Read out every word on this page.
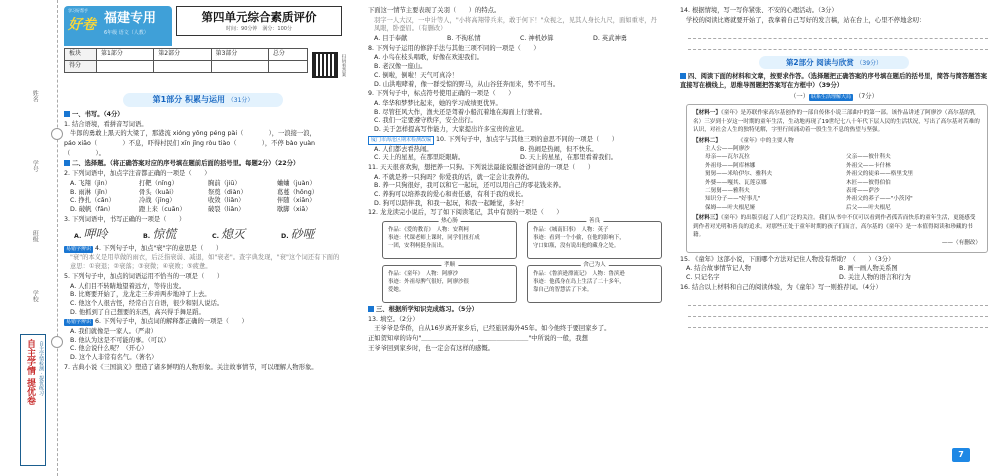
姓名
学号
班级
学校
自主学情 提优卷 自主学情检测 · 提优练习
学习好帮手
好卷 福建专用
6年级 语文（人教）
第四单元综合素质评价
时间：90分钟　满分：100分
板块	第1部分	第2部分	第3部分	总分
得分					扫码看答案
第1部分 积累与运用 （31分）
一、书写。（4分）
1. 结合语境，看拼音写词语。
牛郎的勇敢上黑天的大梁了，那港流 xióng yǒng péng pài（　　　　），一浪接一浪，
páo xiāo（　　　　）不息，吓得村民们 xīn jīng ròu tiào（　　　　），不停 bào yuàn
（　　　　）。
二、选择题。（将正确答案对应的序号填在题前后面的括号里。每题2分）（22分）
2. 下列词语中，加点字注音都正确的一项是（　　）
A. 飞翔（jìn）	打靶（nǐng）	胸前（jiū）	蛐蛐（juàn）
B. 雨淋（jǐn）	骨头（kuǎi）	祭奠（diàn）	葛蔓（hōng）
C. 挣扎（cǎn）	冷战（jīng）	收敛（liǎn）	伴随（xiān）
D. 破帆（fān）	蹬上来（cuān）	破裂（liǎn）	歇脚（xiā）
3. 下列词语中，书写正确的一项是（　　）
A. 呷呤	B. 惊慌	C. 熄灭	D. 砂哑
易错字辨识 4. 下列句子中，加点"衰"字的意思是（　　）
"衰"的本义是用草做的雨衣，后泛指衰弱、减退，如"衰老"。查字典发现，"衰"这个词还有下面的意思：①衰退；②衰落；③衰微；④衰败；⑤疲惫。
5. 下列句子中，加点的词语运用不恰当的一项是（　　）
A. 人们目不转睛地望着远方，等待出发。
B. 比赛要开始了，龙龙走三步并两步地冲了上去。
C. 他这个人很古怪，经常自言自语，很少和别人说话。
D. 他抓到了自己想要的东西，高兴得手舞足蹈。
易错字辨识 6. 下列句子中，加点词的解释都正确的一项是（　　）
A. 我们就像是一家人。（严肃）
B. 他认为这是不可能的事。（可以）
C. 他会说什么呢？（开心）
D. 这个人非常有名气。（著名）
7. 古典小说《三国演义》塑造了诸多鲜明的人物形象。关注故事情节，可以理解人物形象。
下面这一情节主要表现了关羽（　　）的特点。
羽字一人大汉，一中计等人，"小将高翔带兵来，敢于何下！"众视之，见其人身长九尺，面如重枣，丹凤眼，卧蚕眉。（有删改）
A. 目于奉献	B. 不拘私情	C. 神机妙算	D. 英武神勇
8. 下列句子运用的修辞手法与其他三项不同的一项是（　　）
A. 小鸟在枝头唱歌，好像在欢迎我们。
B. 老汉像一座山。
C. 倒啦，倒啦！天气可真冷！
D. 山洪咆哮着，像一群受惊的野马，从山谷狂奔而来，势不可当。
9. 下列句子中，标点符号使用正确的一项是（　　）
A. 华华和梦梦比起来，她的学习成绩更优异。
B. 尽管狂风大作，渔夫还是驾着小船沉着地在海面上行驶着。
C. 我们一定要遵守秩序，安全出行。
D. 关于怎样提高写作能力，大家提出许多宝贵的意见。
厦门市海沧区期末检测改编 10. 下列句子中，加点字与其他三项的意思不同的一项是（　　）
A. 人们都去看热闹。	B. 热闹是热闹，但不快乐。
C. 天上的星星，在那里眨眼睛。	D. 天上的星星，在那里看着我们。
11. 天天很喜欢狗，想把养一只狗。下列说法最能说服爸爸同意的一项是（　　）
A. 不就是养一只狗吗？你爱我的话，就一定会让我养的。
B. 养一只狗很好，我可以和它一起玩，还可以用自己的零花钱来养。
C. 养狗可以培养我的爱心和责任感，有利于我的成长。
D. 狗可以陪伴我，和我一起玩，和我一起睡觉，多好！
12. 龙龙读完小说后，写了如下阅读笔记，其中有误的一项是（　　）
热心肠
作品：《爱的教育》　人物：安利柯
事迹：代课老师上课时，同学们扭打成
一团，安利柯挺身而出。
善良
作品：《城南旧事》　人物：英子
事迹：看到一个小偷，在他的影响下，
守口如瓶，没有说出他的藏身之处。
孝顺
作品：《童年》　人物：阿廖沙
事迹：外祖母脾气很好，阿廖沙很
爱她。
舍己为人
作品：《鲁滨逊漂流记》　人物：鲁滨逊
事迹：他孤身在岛上生活了二十多年，
靠自己的智慧活了下来。
三、根据所学知识完成练习。（5分）
13. 填空。（2分）
王爷爷是华侨，自从16岁离开家乡后，已经旅居海外45年。如今他终于要回家乡了。
正如贺知章的诗句"＿＿＿＿＿＿＿＿，＿＿＿＿＿＿＿＿"中所说的一般，我想
王爷爷回到家乡时，也一定会有这样的感慨。
14. 根据情境，写一写你紧张、不安的心理活动。（3分）
学校的阅读比赛就要开始了，我拿着自己写好的发言稿，站在台上，心里不停地念叨：
第2部分 阅读与欣赏 （39分）
四、阅读下面的材料和文章，按要求作答。（选择题把正确答案的序号填在题后的括号里，简答与简答题答案直接写在横线上，思维导图题把答案写在方框中）（39分）
（一） 联系生活理解大局 （7分）
【材料一】《童年》是苏联作家高尔基创作的一部自传体小说三部曲中的第一部。该作品讲述了阿廖沙（高尔基的乳名）三岁到十岁这一时期的童年生活，生动地再现了19世纪七八十年代下层人民的生活状况，写出了高尔基对苦难的认识，对社会人生的独特见解，字里行间涌动着一股生生不息的热望与坚强。
【材料二】　　　　	《童年》中的主要人物
主人公——阿廖沙
母亲——瓦尔瓦拉	父亲——彼什科夫
外祖母——阿库林娜	外祖父——卡什林
舅舅——米哈伊尔、雅科夫	外祖父的徒弟——格里戈里
外婆——嘎其、瓦莲京娜	木匠——彼得伯伯
二舅舅——雅科夫	表哥——萨沙
知识分子——"好事儿"	外祖父的养子——"小茨冈"
保姆——叶夫根尼娅	后父——叶夫根尼
【材料三】《童年》的出版引起了人们广泛的关注。我们从书中不仅可以看到作者孤苦而快乐的童年生活，更能感受到作者对光明和善良的追求。对那些正处于童年时期的孩子们而言，高尔基的《童年》是一本值得阅读和珍藏的书籍。
——（有删改）
15. 《童年》这部小说，下面哪个方法对记住人物没有帮助？（　　）（3分）
A. 结合故事情节记人物	B. 画一画人物关系图
C. 只记名字	D. 关注人物的语言和行为
16. 结合以上材料和自己的阅读体验，为《童年》写一则推荐词。（4分）
7
